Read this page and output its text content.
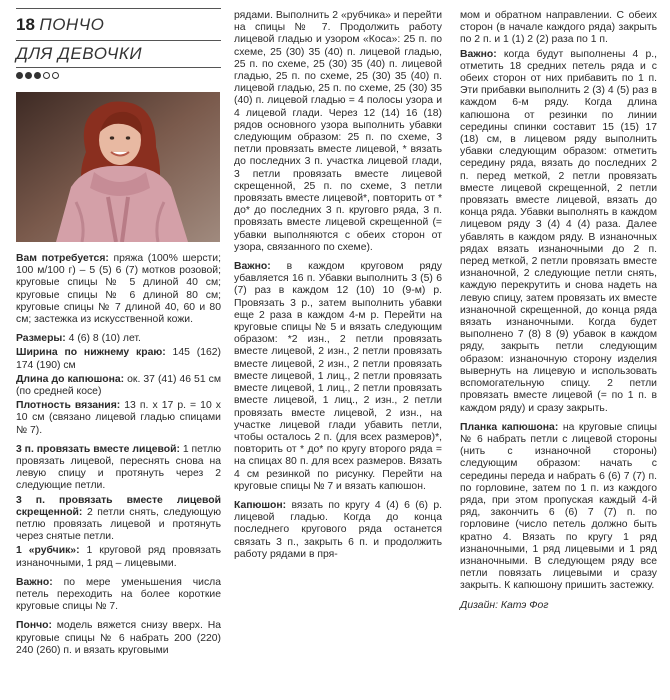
18 ПОНЧО
ДЛЯ ДЕВОЧКИ

Вам потребуется: пряжа (100% шерсти; 100 м/100 г) – 5 (5) 6 (7) мотков розовой; круговые спицы № 5 длиной 40 см; круговые спицы № 6 длиной 80 см; круговые спицы № 7 длиной 40, 60 и 80 см; застежка из искусственной кожи.

Размеры: 4 (6) 8 (10) лет.

Ширина по нижнему краю: 145 (162) 174 (190) см

Длина до капюшона: ок. 37 (41) 46 51 см (по средней косе)

Плотность вязания: 13 п. х 17 р. = 10 х 10 см (связано лицевой гладью спицами № 7).

3 п. провязать вместе лицевой: 1 петлю провязать лицевой, переснять снова на левую спицу и протянуть через 2 следующие петли.

3 п. провязать вместе лицевой скрещенной: 2 петли снять, следующую петлю провязать лицевой и протянуть через снятые петли.

1 «рубчик»: 1 круговой ряд провязать изнаночными, 1 ряд – лицевыми.

Важно: по мере уменьшения числа петель переходить на более короткие круговые спицы № 7.

Пончо: модель вяжется снизу вверх. На круговые спицы № 6 набрать 200 (220) 240 (260) п. и вязать круговыми

рядами. Выполнить 2 «рубчика» и перейти на спицы № 7. Продолжить работу лицевой гладью и узором «Коса»: 25 п. по схеме, 25 (30) 35 (40) п. лицевой гладью, 25 п. по схеме, 25 (30) 35 (40) п. лицевой гладью, 25 п. по схеме, 25 (30) 35 (40) п. лицевой гладью, 25 п. по схеме, 25 (30) 35 (40) п. лицевой гладью = 4 полосы узора и 4 лицевой глади. Через 12 (14) 16 (18) рядов основного узора выполнить убавки следующим образом: 25 п. по схеме, 3 петли провязать вместе лицевой, * вязать до последних 3 п. участка лицевой глади, 3 петли провязать вместе лицевой скрещенной, 25 п. по схеме, 3 петли провязать вместе лицевой*, повторить от * до* до последних 3 п. круговго ряда, 3 п. провязать вместе лицевой скрещенной (= убавки выполняются с обеих сторон от узора, связанного по схеме).

Важно: в каждом круговом ряду убавляется 16 п. Убавки выполнить 3 (5) 6 (7) раз в каждом 12 (10) 10 (9-м) р. Провязать 3 р., затем выполнить убавки еще 2 раза в каждом 4-м р. Перейти на круговые спицы № 5 и вязать следующим образом: *2 изн., 2 петли провязать вместе лицевой, 2 изн., 2 петли провязать вместе лицевой, 2 изн., 2 петли провязать вместе лицевой, 1 лиц., 2 петли провязать вместе лицевой, 1 лиц., 2 петли провязать вместе лицевой, 1 лиц., 2 изн., 2 петли провязать вместе лицевой, 2 изн., на участке лицевой глади убавить петли, чтобы осталось 2 п. (для всех размеров)*, повторить от * до* по кругу второго ряда = на спицах 80 п. для всех размеров. Вязать 4 см резинкой по рисунку. Перейти на круговые спицы № 7 и вязать капюшон.

Капюшон: вязать по кругу 4 (4) 6 (6) р. лицевой гладью. Когда до конца последнего кругового ряда останется связать 3 п., закрыть 6 п. и продолжить работу рядами в пря-

мом и обратном направлении. С обеих сторон (в начале каждого ряда) закрыть по 2 п. и 1 (1) 2 (2) раза по 1 п.

Важно: когда будут выполнены 4 р., отметить 18 средних петель ряда и с обеих сторон от них прибавить по 1 п. Эти прибавки выполнить 2 (3) 4 (5) раз в каждом 6-м ряду. Когда длина капюшона от резинки по линии середины спинки составит 15 (15) 17 (18) см, в лицевом ряду выполнить убавки следующим образом: отметить середину ряда, вязать до последних 2 п. перед меткой, 2 петли провязать вместе лицевой скрещенной, 2 петли провязать вместе лицевой, вязать до конца ряда. Убавки выполнять в каждом лицевом ряду 3 (4) 4 (4) раза. Далее убавлять в каждом ряду. В изнаночных рядах вязать изнаночными до 2 п. перед меткой, 2 петли провязать вместе изнаночной, 2 следующие петли снять, каждую перекрутить и снова надеть на левую спицу, затем провязать их вместе изнаночной скрещенной, до конца ряда вязать изнаночными. Когда будет выполнено 7 (8) 8 (9) убавок в каждом ряду, закрыть петли следующим образом: изнаночную сторону изделия вывернуть на лицевую и использовать вспомогательную спицу. 2 петли провязать вместе лицевой (= по 1 п. в каждом ряду) и сразу закрыть.

Планка капюшона: на круговые спицы № 6 набрать петли с лицевой стороны (нить с изнаночной стороны) следующим образом: начать с середины переда и набрать 6 (6) 7 (7) п. по горловине, затем по 1 п. из каждого ряда, при этом пропуская каждый 4-й ряд, закончить 6 (6) 7 (7) п. по горловине (число петель должно быть кратно 4. Вязать по кругу 1 ряд изнаночными, 1 ряд лицевыми и 1 ряд изнаночными. В следующем ряду все петли повязать лицевыми и сразу закрыть. К капюшону пришить застежку.

Дизайн: Катэ Фог
